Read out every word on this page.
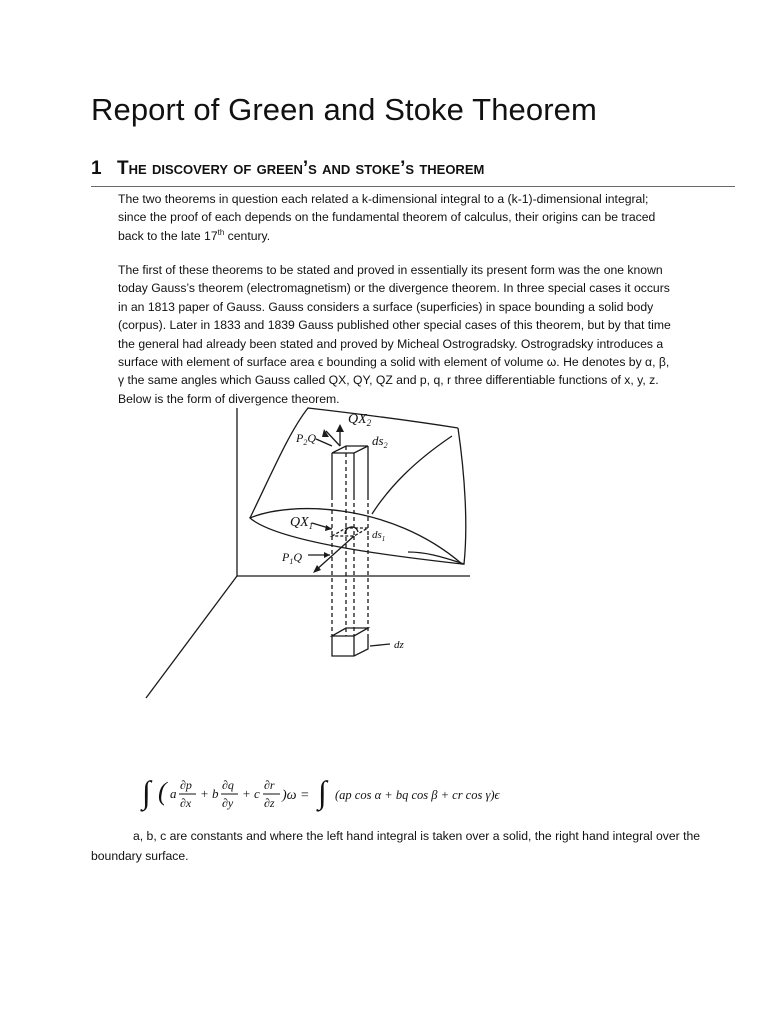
Report of Green and Stoke Theorem
1 The discovery of green’s and stoke’s theorem
The two theorems in question each related a k-dimensional integral to a (k-1)-dimensional integral; since the proof of each depends on the fundamental theorem of calculus, their origins can be traced back to the late 17th century.
The first of these theorems to be stated and proved in essentially its present form was the one known today Gauss’s theorem (electromagnetism) or the divergence theorem. In three special cases it occurs in an 1813 paper of Gauss. Gauss considers a surface (superficies) in space bounding a solid body (corpus). Later in 1833 and 1839 Gauss published other special cases of this theorem, but by that time the general had already been stated and proved by Micheal Ostrogradsky. Ostrogradsky introduces a surface with element of surface area ϵ bounding a solid with element of volume ω. He denotes by α, β, γ the same angles which Gauss called QX, QY, QZ and p, q, r three differentiable functions of x, y, z. Below is the form of divergence theorem.
$QX_2$
$P_2Q$	$ds_2$
$QX_1$
$ds_1$
$P_1Q$
dz
∫ ( a
∂p
∂x
+ b
∂q
∂y
+ c
∂r
∂z )ω = ∫ (ap cos α + bq cos β + cr cos γ)ϵ
a, b, c are constants and where the left hand integral is taken over a solid, the right hand integral over the boundary surface.
